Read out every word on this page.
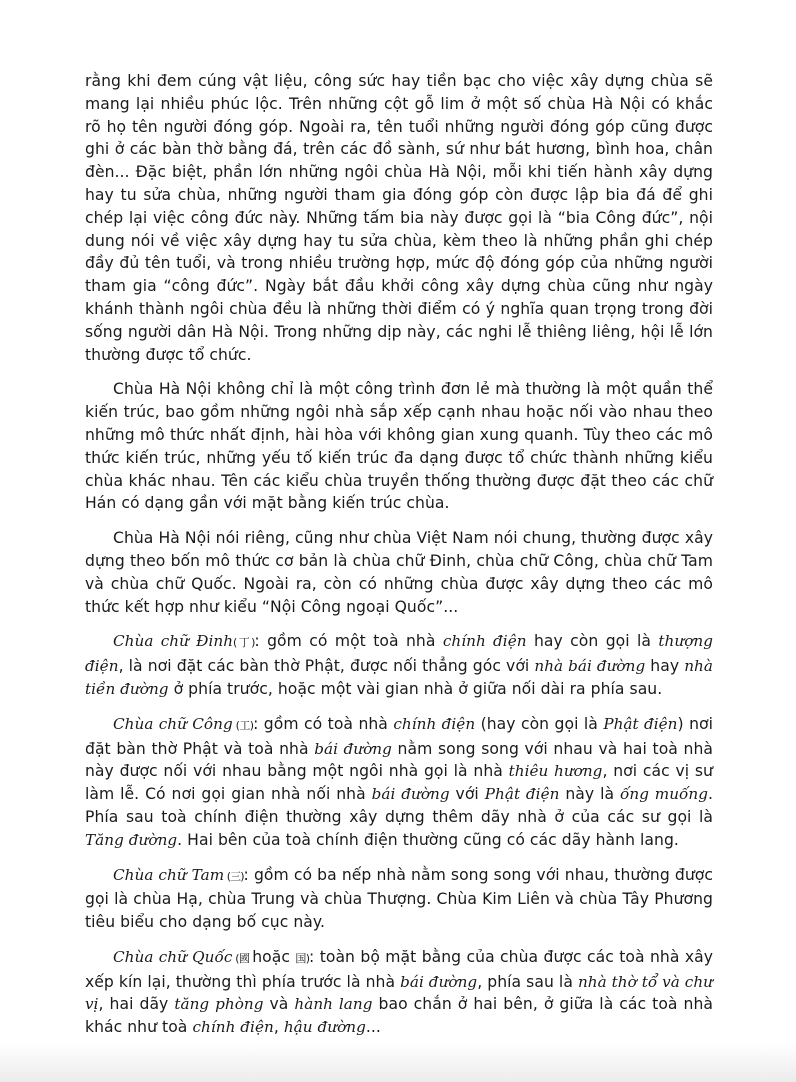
rằng khi đem cúng vật liệu, công sức hay tiền bạc cho việc xây dựng chùa sẽ mang lại nhiều phúc lộc. Trên những cột gỗ lim ở một số chùa Hà Nội có khắc rõ họ tên người đóng góp. Ngoài ra, tên tuổi những người đóng góp cũng được ghi ở các bàn thờ bằng đá, trên các đồ sành, sứ như bát hương, bình hoa, chân đèn... Đặc biệt, phần lớn những ngôi chùa Hà Nội, mỗi khi tiến hành xây dựng hay tu sửa chùa, những người tham gia đóng góp còn được lập bia đá để ghi chép lại việc công đức này. Những tấm bia này được gọi là “bia Công đức”, nội dung nói về việc xây dựng hay tu sửa chùa, kèm theo là những phần ghi chép đầy đủ tên tuổi, và trong nhiều trường hợp, mức độ đóng góp của những người tham gia “công đức”. Ngày bắt đầu khởi công xây dựng chùa cũng như ngày khánh thành ngôi chùa đều là những thời điểm có ý nghĩa quan trọng trong đời sống người dân Hà Nội. Trong những dịp này, các nghi lễ thiêng liêng, hội lễ lớn thường được tổ chức.

Chùa Hà Nội không chỉ là một công trình đơn lẻ mà thường là một quần thể kiến trúc, bao gồm những ngôi nhà sắp xếp cạnh nhau hoặc nối vào nhau theo những mô thức nhất định, hài hòa với không gian xung quanh. Tùy theo các mô thức kiến trúc, những yếu tố kiến trúc đa dạng được tổ chức thành những kiểu chùa khác nhau. Tên các kiểu chùa truyền thống thường được đặt theo các chữ Hán có dạng gần với mặt bằng kiến trúc chùa.

Chùa Hà Nội nói riêng, cũng như chùa Việt Nam nói chung, thường được xây dựng theo bốn mô thức cơ bản là chùa chữ Đinh, chùa chữ Công, chùa chữ Tam và chùa chữ Quốc. Ngoài ra, còn có những chùa được xây dựng theo các mô thức kết hợp như kiểu “Nội Công ngoại Quốc”...

Chùa chữ Đinh(丁): gồm có một toà nhà chính điện hay còn gọi là thượng điện, là nơi đặt các bàn thờ Phật, được nối thẳng góc với nhà bái đường hay nhà tiền đường ở phía trước, hoặc một vài gian nhà ở giữa nối dài ra phía sau.

Chùa chữ Công (工): gồm có toà nhà chính điện (hay còn gọi là Phật điện) nơi đặt bàn thờ Phật và toà nhà bái đường nằm song song với nhau và hai toà nhà này được nối với nhau bằng một ngôi nhà gọi là nhà thiêu hương, nơi các vị sư làm lễ. Có nơi gọi gian nhà nối nhà bái đường với Phật điện này là ống muống. Phía sau toà chính điện thường xây dựng thêm dãy nhà ở của các sư gọi là Tăng đường. Hai bên của toà chính điện thường cũng có các dãy hành lang.

Chùa chữ Tam (三): gồm có ba nếp nhà nằm song song với nhau, thường được gọi là chùa Hạ, chùa Trung và chùa Thượng. Chùa Kim Liên và chùa Tây Phương tiêu biểu cho dạng bố cục này.

Chùa chữ Quốc (國 hoặc 国): toàn bộ mặt bằng của chùa được các toà nhà xây xếp kín lại, thường thì phía trước là nhà bái đường, phía sau là nhà thờ tổ và chư vị, hai dãy tăng phòng và hành lang bao chắn ở hai bên, ở giữa là các toà nhà khác như toà chính điện, hậu đường...
